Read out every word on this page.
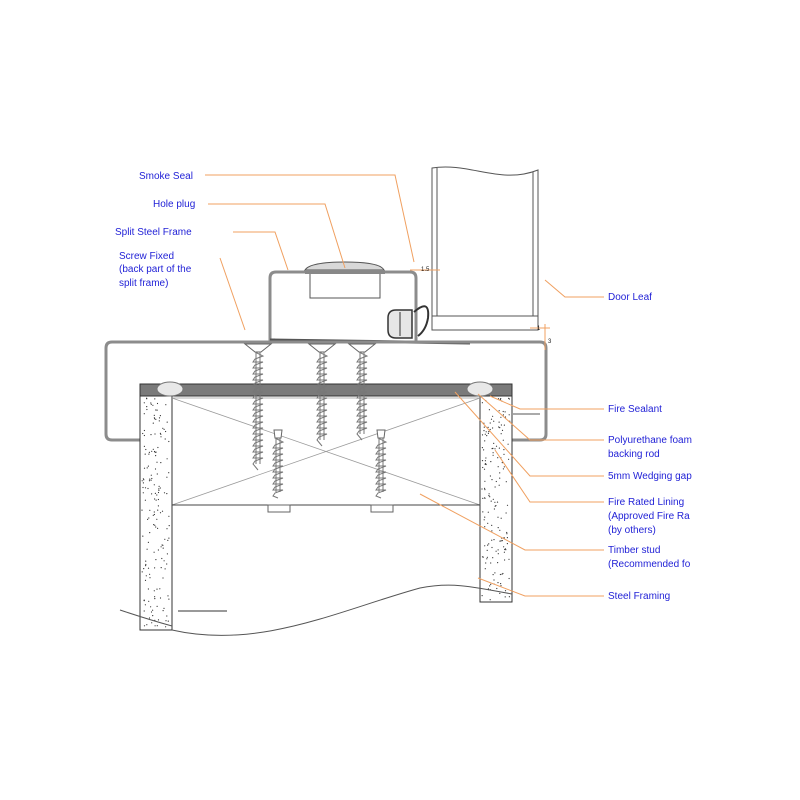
1.5
1
3
Smoke Seal
Hole plug
Split Steel Frame
Screw Fixed
(back part of the
split frame)
Door Leaf
Fire Sealant
Polyurethane foam
backing rod
5mm Wedging gap
Fire Rated Lining
(Approved Fire Ra
(by others)
Timber stud
(Recommended fo
Steel Framing
